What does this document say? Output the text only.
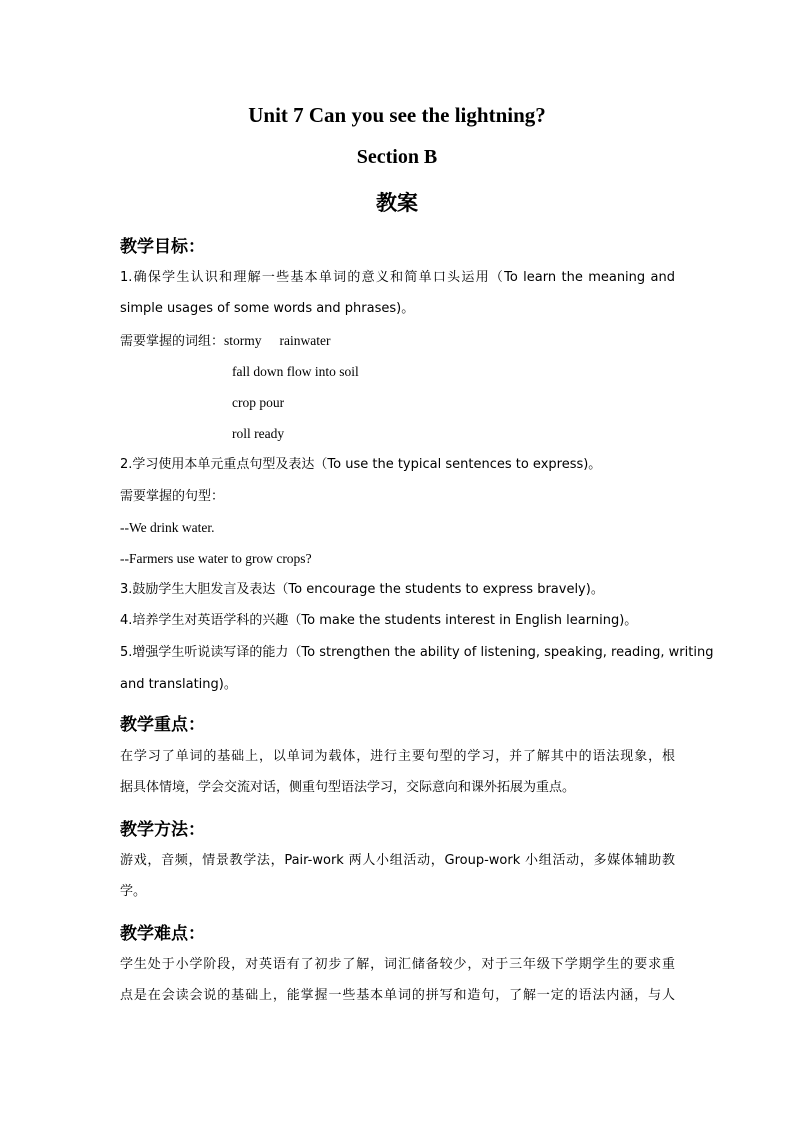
Unit 7 Can you see the lightning?
Section B
教案
教学目标：
1.确保学生认识和理解一些基本单词的意义和简单口头运用（To learn the meaning and
simple usages of some words and phrases)。
需要掌握的词组：stormy rainwater
fall down flow into soil
crop pour
roll ready
2.学习使用本单元重点句型及表达（To use the typical sentences to express)。
需要掌握的句型：
--We drink water.
--Farmers use water to grow crops?
3.鼓励学生大胆发言及表达（To encourage the students to express bravely)。
4.培养学生对英语学科的兴趣（To make the students interest in English learning)。
5.增强学生听说读写译的能力（To strengthen the ability of listening, speaking, reading, writing
and translating)。
教学重点：
在学习了单词的基础上，以单词为载体，进行主要句型的学习，并了解其中的语法现象，根
据具体情境，学会交流对话，侧重句型语法学习，交际意向和课外拓展为重点。
教学方法：
游戏，音频，情景教学法，Pair-work 两人小组活动，Group-work 小组活动，多媒体辅助教
学。
教学难点：
学生处于小学阶段，对英语有了初步了解，词汇储备较少，对于三年级下学期学生的要求重
点是在会读会说的基础上，能掌握一些基本单词的拼写和造句，了解一定的语法内涵，与人
